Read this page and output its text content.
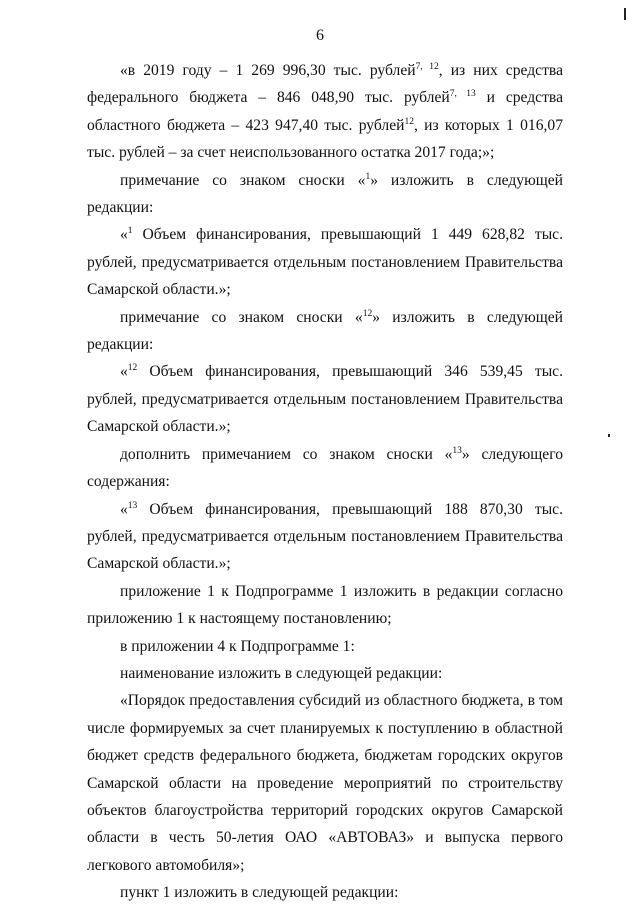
6

«в 2019 году – 1 269 996,30 тыс. рублей$^{7, 12}$, из них средства федерального бюджета – 846 048,90 тыс. рублей$^{7, 13}$ и средства областного бюджета – 423 947,40 тыс. рублей$^{12}$, из которых 1 016,07 тыс. рублей – за счет неиспользованного остатка 2017 года;»;

примечание со знаком сноски «$^1$» изложить в следующей редакции:

«$^1$ Объем финансирования, превышающий 1 449 628,82 тыс. рублей, предусматривается отдельным постановлением Правительства Самарской области.»;

примечание со знаком сноски «$^{12}$» изложить в следующей редакции:

«$^{12}$ Объем финансирования, превышающий 346 539,45 тыс. рублей, предусматривается отдельным постановлением Правительства Самарской области.»;

дополнить примечанием со знаком сноски «$^{13}$» следующего содержания:

«$^{13}$ Объем финансирования, превышающий 188 870,30 тыс. рублей, предусматривается отдельным постановлением Правительства Самарской области.»;

приложение 1 к Подпрограмме 1 изложить в редакции согласно приложению 1 к настоящему постановлению;

в приложении 4 к Подпрограмме 1:

наименование изложить в следующей редакции:

«Порядок предоставления субсидий из областного бюджета, в том числе формируемых за счет планируемых к поступлению в областной бюджет средств федерального бюджета, бюджетам городских округов Самарской области на проведение мероприятий по строительству объектов благоустройства территорий городских округов Самарской области в честь 50-летия ОАО «АВТОВАЗ» и выпуска первого легкового автомобиля»;

пункт 1 изложить в следующей редакции:
